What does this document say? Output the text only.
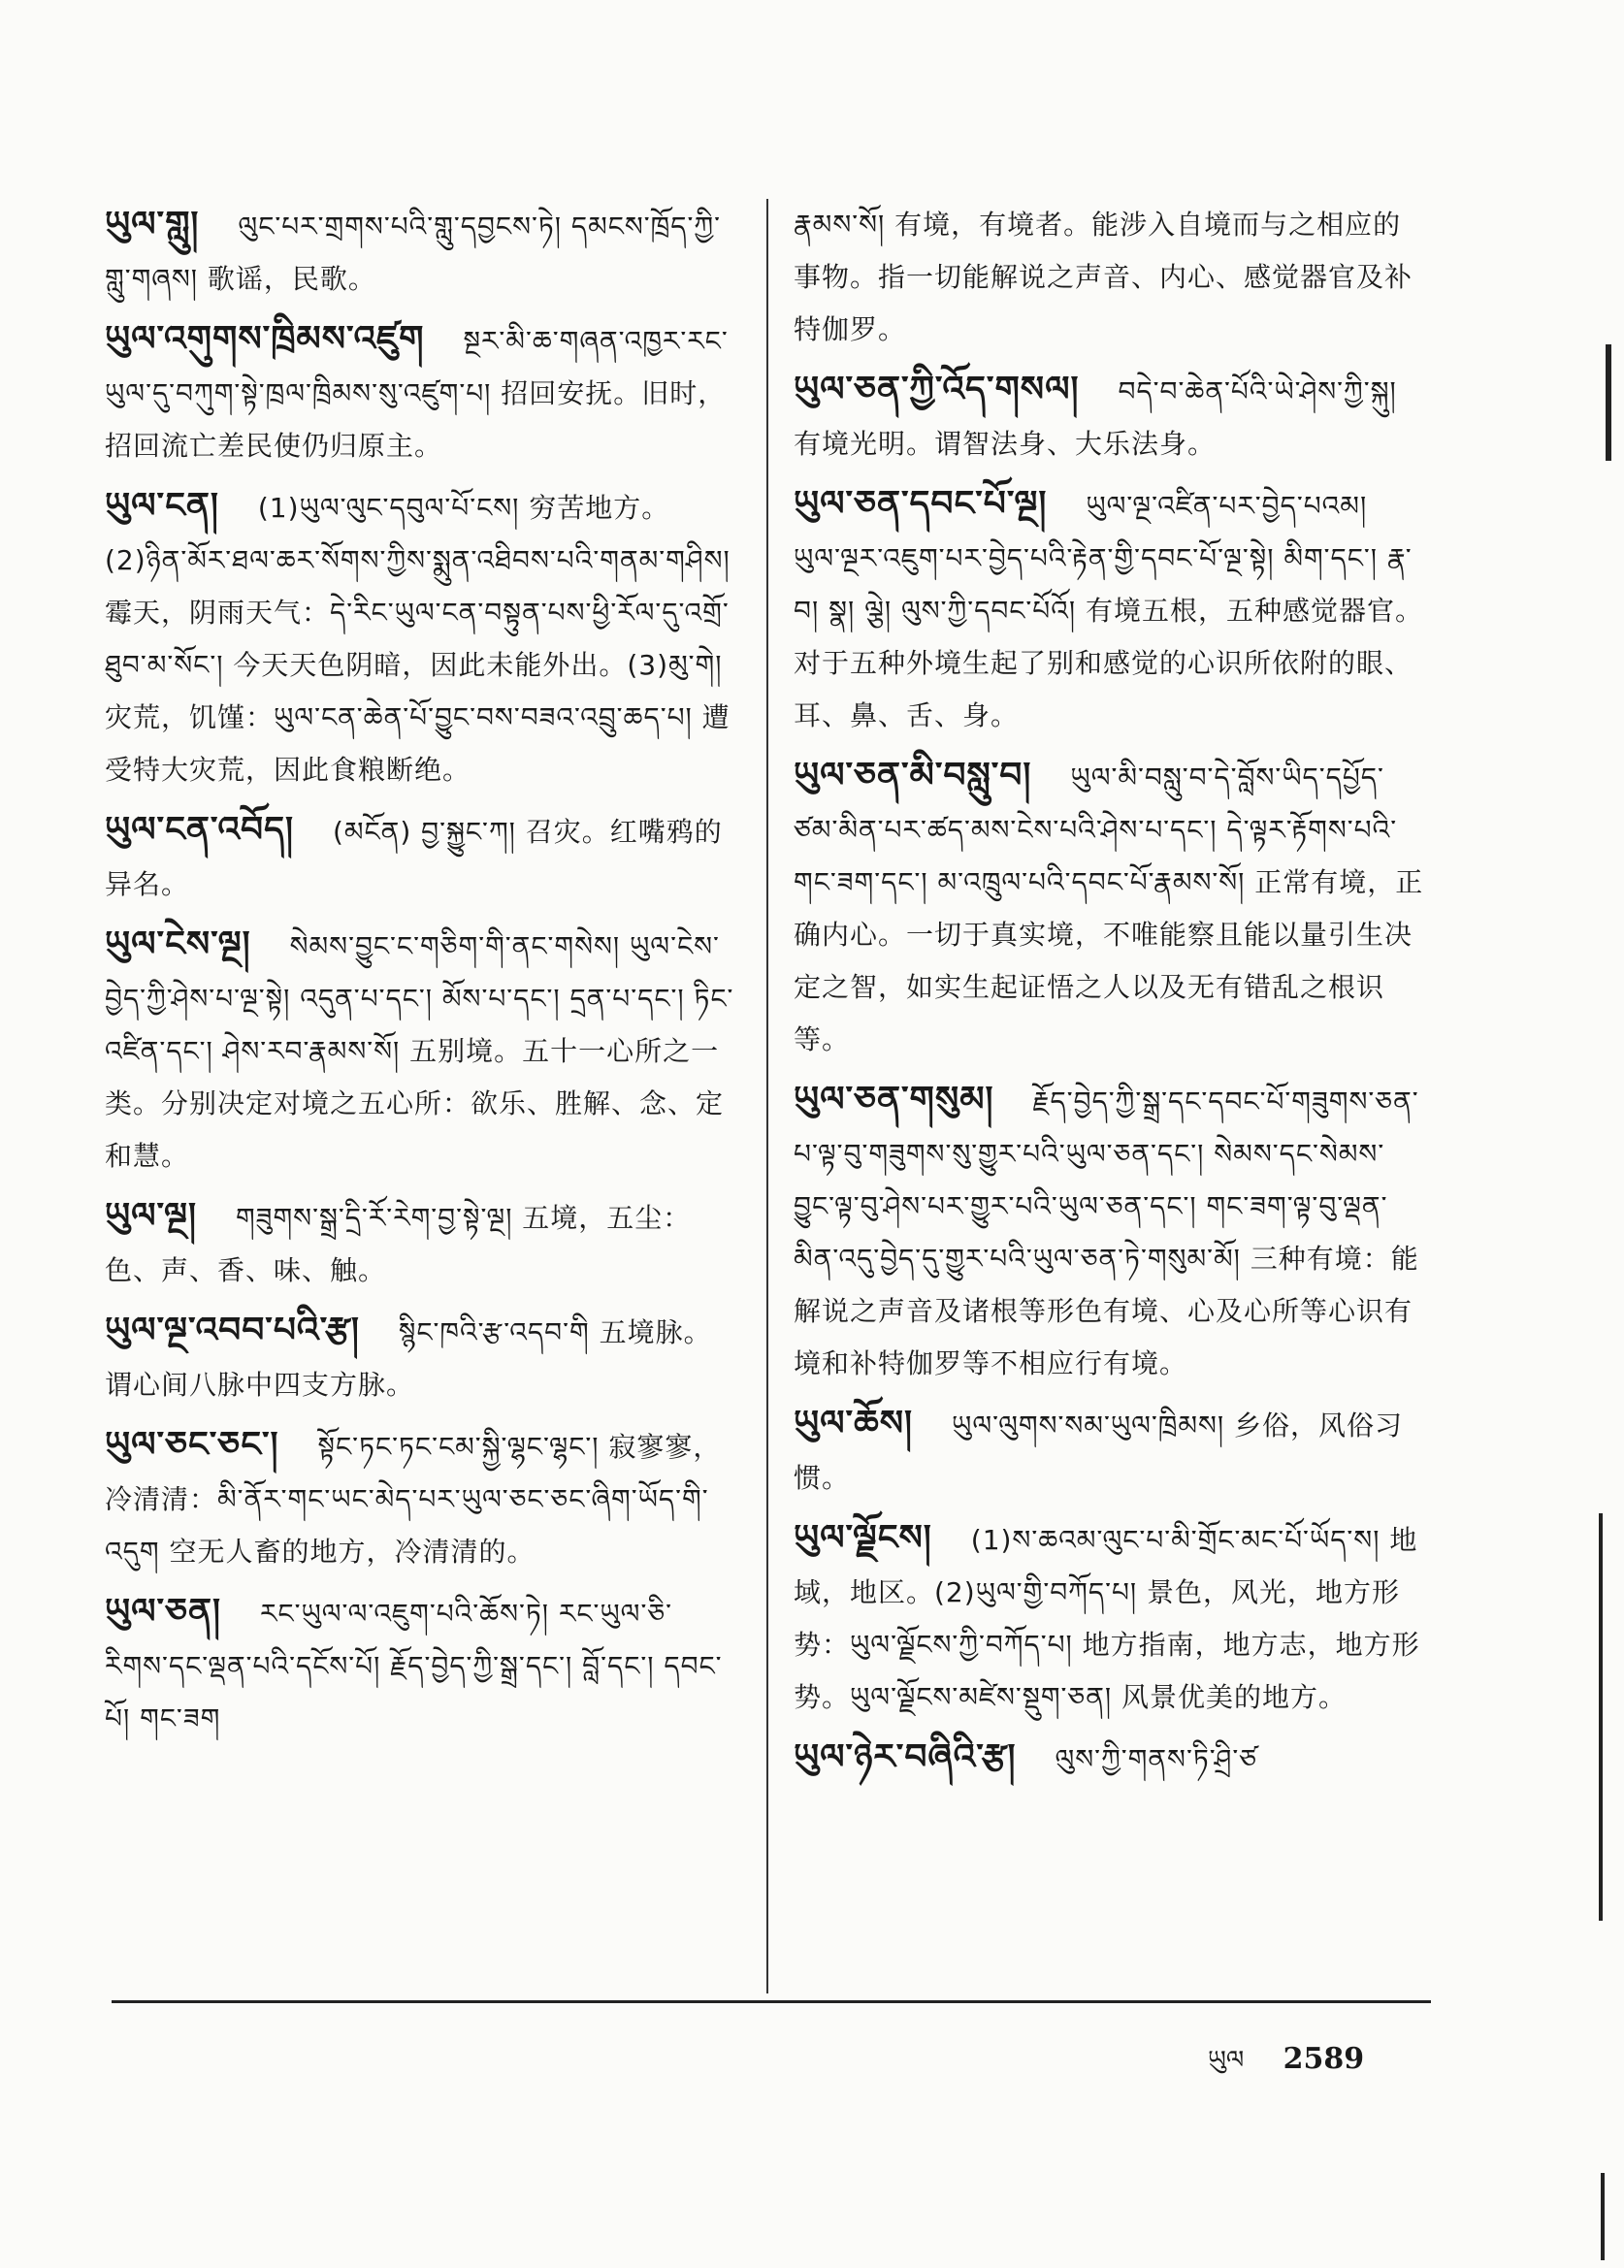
ཡུལ་གླུ། ལུང་པར་གྲགས་པའི་གླུ་དབྱངས་ཏེ། དམངས་ཁྲོད་ཀྱི་གླུ་གཞས། 歌谣，民歌。
ཡུལ་འགུགས་ཁྲིམས་འཛུག སྔར་མི་ཆ་གཞན་འཁྱར་རང་ཡུལ་དུ་བཀུག་སྟེ་ཁྲལ་ཁྲིམས་སུ་འཛུག་པ། 招回安抚。旧时，招回流亡差民使仍归原主。
ཡུལ་ངན། (1)ཡུལ་ལུང་དབུལ་པོ་ངས། 穷苦地方。(2)ཉིན་མོར་ཐལ་ཆར་སོགས་ཀྱིས་སྨུན་འཐིབས་པའི་གནམ་གཤིས། 霉天，阴雨天气：དེ་རིང་ཡུལ་ངན་བསྟུན་པས་ཕྱི་རོལ་དུ་འགྲོ་ཐུབ་མ་སོང་། 今天天色阴暗，因此未能外出。(3)མུ་གེ། 灾荒，饥馑：ཡུལ་ངན་ཆེན་པོ་བྱུང་བས་བཟའ་འབྲུ་ཆད་པ། 遭受特大灾荒，因此食粮断绝。
ཡུལ་ངན་འབོད། (མངོན) བྱ་སྐྱུང་ཀ། 召灾。红嘴鸦的异名。
ཡུལ་ངེས་ལྔ། སེམས་བྱུང་ང་གཅིག་གི་ནང་གསེས། ཡུལ་ངེས་བྱེད་ཀྱི་ཤེས་པ་ལྔ་སྟེ། འདུན་པ་དང་། མོས་པ་དང་། དྲན་པ་དང་། ཏིང་འཛིན་དང་། ཤེས་རབ་རྣམས་སོ། 五别境。五十一心所之一类。分别决定对境之五心所：欲乐、胜解、念、定和慧。
ཡུལ་ལྔ། གཟུགས་སྒྲ་དྲི་རོ་རེག་བྱ་སྟེ་ལྔ། 五境，五尘：色、声、香、味、触。
ཡུལ་ལྔ་འབབ་པའི་རྩ། སྙིང་ཁའི་རྩ་འདབ་གི 五境脉。谓心间八脉中四支方脉。
ཡུལ་ཅང་ཅང་། སྟོང་ཏང་ཏང་ངམ་སྐྱི་ལྷང་ལྷང་། 寂寥寥，冷清清：མི་ནོར་གང་ཡང་མེད་པར་ཡུལ་ཅང་ཅང་ཞིག་ཡོད་གི་འདུག 空无人畜的地方，冷清清的。
ཡུལ་ཅན། རང་ཡུལ་ལ་འཇུག་པའི་ཆོས་ཏེ། རང་ཡུལ་ཅི་རིགས་དང་ལྡན་པའི་དངོས་པོ། རྗོད་བྱེད་ཀྱི་སྒྲ་དང་། བློ་དང་། དབང་པོ། གང་ཟག
རྣམས་སོ། 有境，有境者。能涉入自境而与之相应的事物。指一切能解说之声音、内心、感觉器官及补特伽罗。
ཡུལ་ཅན་ཀྱི་འོད་གསལ། བདེ་བ་ཆེན་པོའི་ཡེ་ཤེས་ཀྱི་སྐུ། 有境光明。谓智法身、大乐法身。
ཡུལ་ཅན་དབང་པོ་ལྔ། ཡུལ་ལྔ་འཛིན་པར་བྱེད་པའམ། ཡུལ་ལྔར་འཇུག་པར་བྱེད་པའི་རྟེན་གྱི་དབང་པོ་ལྔ་སྟེ། མིག་དང་། རྣ་བ། སྣ། ལྕེ། ལུས་ཀྱི་དབང་པོའོ། 有境五根，五种感觉器官。对于五种外境生起了别和感觉的心识所依附的眼、耳、鼻、舌、身。
ཡུལ་ཅན་མི་བསླུ་བ། ཡུལ་མི་བསླུ་བ་དེ་བློས་ཡིད་དཔྱོད་ཙམ་མིན་པར་ཚད་མས་ངེས་པའི་ཤེས་པ་དང་། དེ་ལྟར་རྟོགས་པའི་གང་ཟག་དང་། མ་འཁྲུལ་པའི་དབང་པོ་རྣམས་སོ། 正常有境，正确内心。一切于真实境，不唯能察且能以量引生决定之智，如实生起证悟之人以及无有错乱之根识等。
ཡུལ་ཅན་གསུམ། རྗོད་བྱེད་ཀྱི་སྒྲ་དང་དབང་པོ་གཟུགས་ཅན་པ་ལྟ་བུ་གཟུགས་སུ་གྱུར་པའི་ཡུལ་ཅན་དང་། སེམས་དང་སེམས་བྱུང་ལྟ་བུ་ཤེས་པར་གྱུར་པའི་ཡུལ་ཅན་དང་། གང་ཟག་ལྟ་བུ་ལྡན་མིན་འདུ་བྱེད་དུ་གྱུར་པའི་ཡུལ་ཅན་ཏེ་གསུམ་མོ། 三种有境：能解说之声音及诸根等形色有境、心及心所等心识有境和补特伽罗等不相应行有境。
ཡུལ་ཆོས། ཡུལ་ལུགས་སམ་ཡུལ་ཁྲིམས། 乡俗，风俗习惯。
ཡུལ་ལྗོངས། (1)ས་ཆའམ་ལུང་པ་མི་གྲོང་མང་པོ་ཡོད་ས། 地域，地区。(2)ཡུལ་གྱི་བཀོད་པ། 景色，风光，地方形势：ཡུལ་ལྗོངས་ཀྱི་བཀོད་པ། 地方指南，地方志，地方形势。ཡུལ་ལྗོངས་མཛེས་སྡུག་ཅན། 风景优美的地方。
ཡུལ་ཉེར་བཞིའི་རྩ། ལུས་ཀྱི་གནས་ཏི་ཤྲི་ཙ
ཡུལ 2589
